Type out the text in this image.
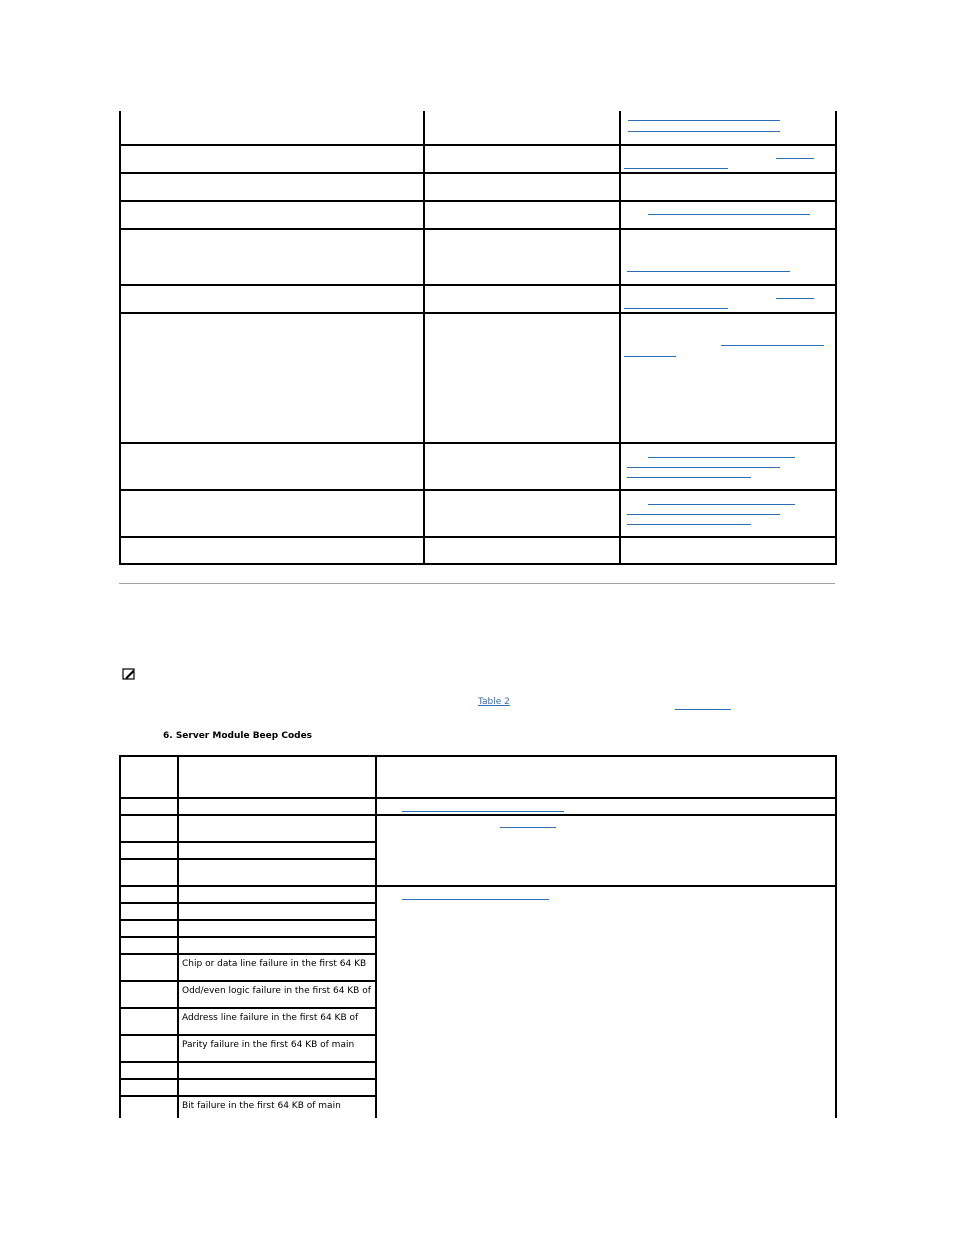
Table 2
6. Server Module Beep Codes

	Chip or data line failure in the first 64 KB	

	Odd/even logic failure in the first 64 KB of	

	Address line failure in the first 64 KB of	

	Parity failure in the first 64 KB of main	

	Bit failure in the first 64 KB of main	
